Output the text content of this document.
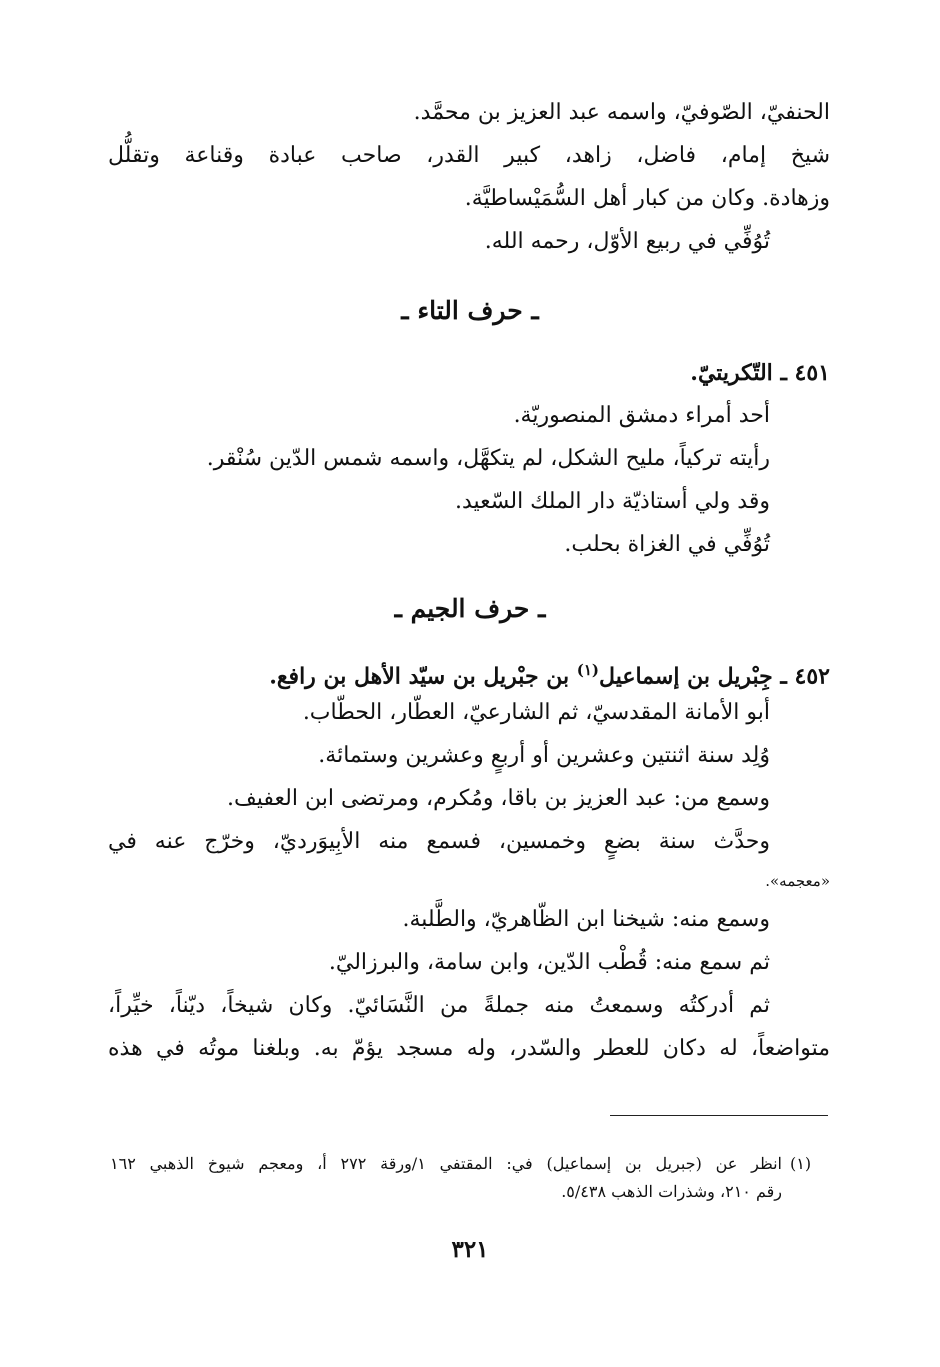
الحنفيّ، الصّوفيّ، واسمه عبد العزيز بن محمَّد.
شيخ إمام، فاضل، زاهد، كبير القدر، صاحب عبادة وقناعة وتقلُّل
وزهادة. وكان من كبار أهل السُّمَيْساطيَّة.
تُوُفِّي في ربيع الأوّل، رحمه الله.
ـ حرف التاء ـ
٤٥١ ـ التّكريتيّ.
أحد أمراء دمشق المنصوريّة.
رأيته تركياً، مليح الشكل، لم يتكهَّل، واسمه شمس الدّين سُنْقر.
وقد ولي أستاذيّة دار الملك السّعيد.
تُوُفِّي في الغزاة بحلب.
ـ حرف الجيم ـ
٤٥٢ ـ جِبْريل بن إسماعيل$^{(١)}$ بن جبْريل بن سيّد الأهل بن رافع.
أبو الأمانة المقدسيّ، ثم الشارعيّ، العطّار، الحطّاب.
وُلِد سنة اثنتين وعشرين أو أربعٍ وعشرين وستمائة.
وسمع من: عبد العزيز بن باقا، ومُكرم، ومرتضى ابن العفيف.
وحدَّث سنة بضعٍ وخمسين، فسمع منه الأبِيوَرديّ، وخرّج عنه في
«معجمه».
وسمع منه: شيخنا ابن الظّاهريّ، والطَّلبة.
ثم سمع منه: قُطْب الدّين، وابن سامة، والبرزاليّ.
ثم أدركتُه وسمعتُ منه جملةً من النَّسَائيّ. وكان شيخاً، ديّناً، خيِّراً،
متواضعاً، له دكان للعطر والسّدر، وله مسجد يؤمّ به. وبلغنا موتُه في هذه
(١)
انظر عن (جبريل بن إسماعيل) في: المقتفي ١/ورقة ٢٧٢ أ، ومعجم شيوخ الذهبي ١٦٢
رقم ٢١٠، وشذرات الذهب ٥/٤٣٨.
٣٢١
